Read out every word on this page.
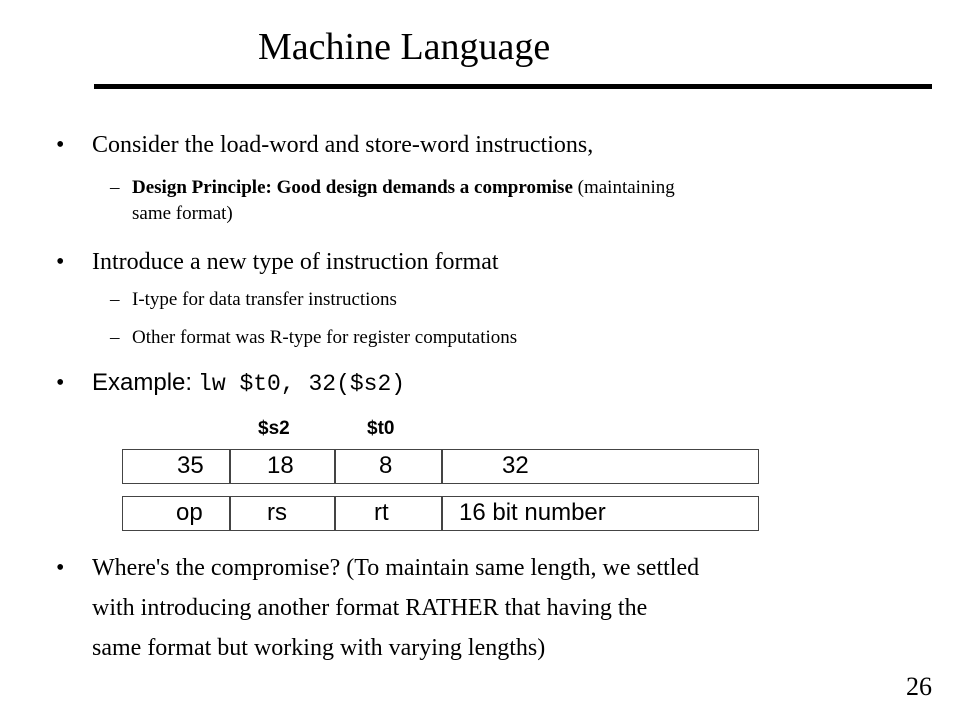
Machine Language
• Consider the load-word and store-word instructions,
– Design Principle: Good design demands a compromise (maintaining
same format)
• Introduce a new type of instruction format
– I-type for data transfer instructions
– Other format was R-type for register computations
• Example: lw $t0, 32($s2)
$s2	$t0
35	18	8	32
op	rs	rt	16 bit number
• Where's the compromise? (To maintain same length, we settled
with introducing another format RATHER that having the
same format but working with varying lengths)
26
